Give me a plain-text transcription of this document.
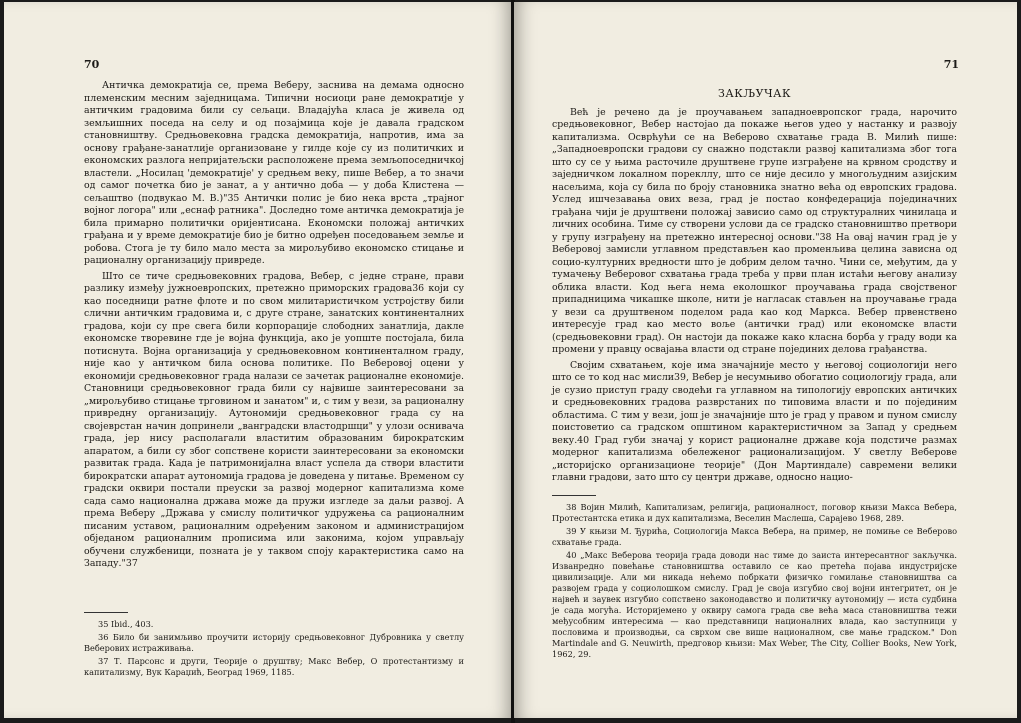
70

Античка демократија се, према Веберу, заснива на демама односно племенским месним заједницама. Типични носиоци ране демократије у античким градовима били су сељаци. Владајућа класа је живела од земљишних поседа на селу и од позајмица које је давала градском становништву. Средњовековна градска демократија, напротив, има за основу грађане-занатлије организоване у гилде које су из политичких и економских разлога непријатељски расположене према земљопоседничкој властели. „Носилац 'демократије' у средњем веку, пише Вебер, а то значи од самог почетка био је занат, а у антично доба — у доба Клистена — сељаштво (подвукао М. В.)"35 Антички полис је био нека врста „трајног војног логора" или „еснаф ратника". Доследно томе античка демократија је била примарно политички оријентисана. Економски положај античких грађана и у време демократије био је битно одређен поседовањем земље и робова. Стога је ту било мало места за мирољубиво економско стицање и рационалну организацију привреде.

Што се тиче средњовековних градова, Вебер, с једне стране, прави разлику између јужноевропских, претежно приморских градова36 који су као поседници ратне флоте и по свом милитаристичком устројству били слични античким градовима и, с друге стране, занатских континенталних градова, који су пре свега били корпорације слободних занатлија, дакле економске творевине где је војна функција, ако је уопште постојала, била потиснута. Војна организација у средњовековном континенталном граду, није као у античком била основа политике. По Веберовој оцени у економији средњовековног града налази се зачетак рационалне економије. Становници средњовековног града били су највише заинтересовани за „мирољубиво стицање трговином и занатом" и, с тим у вези, за рационалну привредну организацију. Аутономији средњовековног града су на својеврстан начин допринели „ванградски властодршци" у улози оснивача града, јер нису располагали властитим образованим бирократским апаратом, а били су због сопствене користи заинтересовани за економски развитак града. Када је патримонијална власт успела да створи властити бирократски апарат аутономија градова је доведена у питање. Временом су градски оквири постали преуски за развој модерног капитализма коме сада само национална држава може да пружи изгледе за даљи развој. А према Веберу „Држава у смислу политичког удружења са рационалним писаним уставом, рационалним одређеним законом и администрацијом обједаном рационалним прописима или законима, којом управљају обучени службеници, позната је у таквом споју карактеристика само на Западу."37

35 Ibid., 403.

36 Било би занимљиво проучити историју средњовековног Дубровника у светлу Веберових истраживања.

37 Т. Парсонс и други, Теорије о друштву; Макс Вебер, О протестантизму и капитализму, Вук Караџић, Београд 1969, 1185.

71
ЗАКЉУЧАК

Већ је речено да је проучавањем западноевропског града, нарочито средњовековног, Вебер настојао да покаже његов удео у настанку и развоју капитализма. Осврћући се на Веберово схватање града В. Милић пише: „Западноевропски градови су снажно подстакли развој капитализма због тога што су се у њима расточиле друштвене групе изграђене на крвном сродству и заједничком локалном порекллу, што се није десило у многољудним азијским насељима, која су била по броју становника знатно већа од европских градова. Услед ишчезавања ових веза, град је постао конфедерација појединачних грађана чији је друштвени положај зависио само од структуралних чинилаца и личних особина. Тиме су створени услови да се градско становништво претвори у групу изграђену на претежно интересној основи."38 На овај начин град је у Веберовој замисли углавном представљен као променљива целина зависна од социо-културних вредности што је добрим делом тачно. Чини се, међутим, да у тумачењу Веберовог схватања града треба у први план истаћи његову анализу облика власти. Код њега нема еколошког проучавања града својственог припадницима чикашке школе, нити је нагласак стављен на проучавање града у вези са друштвеном поделом рада као код Маркса. Вебер првенствено интересује град као место воље (антички град) или економске власти (средњовековни град). Он настоји да покаже како класна борба у граду води ка промени у правцу освајања власти од стране појединих делова грађанства.

Својим схватањем, које има значајније место у његовој социологији него што се то код нас мисли39, Вебер је несумњиво обогатио социологију града, али је сузио приступ граду сводећи га углавном на типологију европских античких и средњовековних градова разврстаних по типовима власти и по појединим областима. С тим у вези, још је значајније што је град у правом и пуном смислу поистоветио са градском општином карактеристичном за Запад у средњем веку.40 Град губи значај у корист рационалне државе која подстиче размах модерног капитализма обележеног рационализацијом. У светлу Веберове „историјско организационе теорије" (Дон Мартиндале) савремени велики главни градови, зато што су центри државе, односно нацио-

38 Војин Милић, Капитализам, религија, рационалност, поговор књизи Макса Вебера, Протестантска етика и дух капитализма, Веселин Маслеша, Сарајево 1968, 289.

39 У књизи М. Ђурића, Социологија Макса Вебера, на пример, не помиње се Веберово схватање града.

40 „Макс Веберова теорија града доводи нас тиме до заиста интересантног закључка. Изванредно повећање становништва оставило се као претећа појава индустријске цивилизације. Али ми никада нећемо побркати физичко гомилање становништва са развојем града у социолошком смислу. Град је своја изгубио свој војни интегритет, он је највећ и заувек изгубио сопствено законодавство и политичку аутономију — иста судбина је сада могућа. Историјемено у оквиру самога града све већа маса становништва тежи међусобним интересима — као представници националних влада, као заступници у пословима и производњи, са сврхом све више националном, све мање градском." Don Martindale and G. Neuwirth, предговор књизи: Max Weber, The City, Collier Books, New York, 1962, 29.
